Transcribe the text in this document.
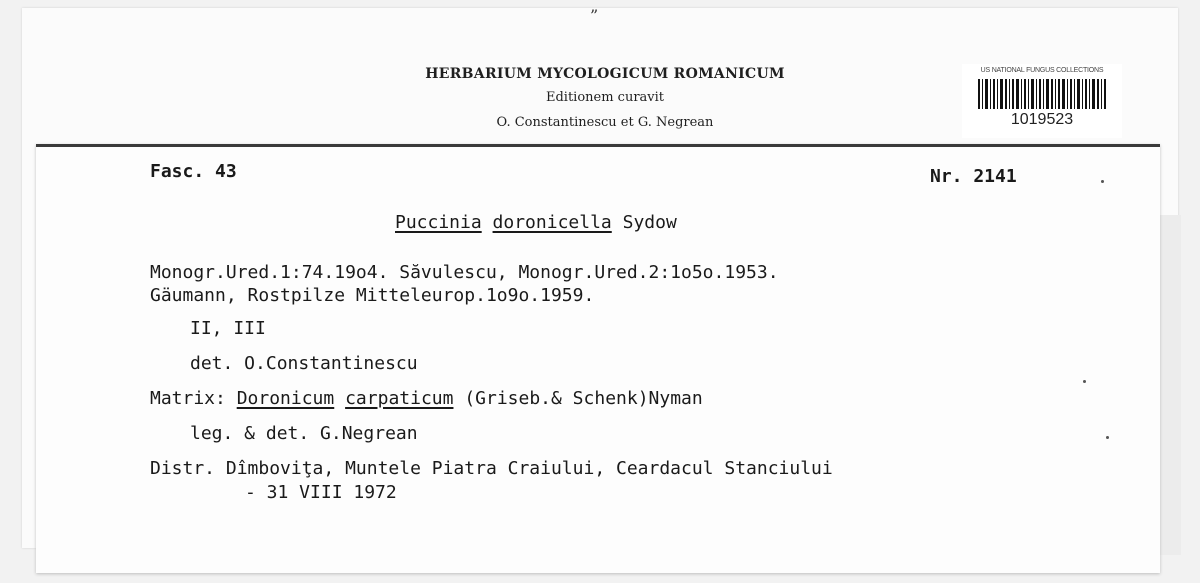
”
HERBARIUM MYCOLOGICUM ROMANICUM
Editionem curavit
O. Constantinescu et G. Negrean
US NATIONAL FUNGUS COLLECTIONS
1019523
Fasc. 43	Nr. 2141
Puccinia doronicella Sydow
Monogr.Ured.1:74.19o4. Săvulescu, Monogr.Ured.2:1o5o.1953.
Gäumann, Rostpilze Mitteleurop.1o9o.1959.
II, III
det. O.Constantinescu
Matrix: Doronicum carpaticum (Griseb.& Schenk)Nyman
leg. & det. G.Negrean
Distr. Dîmboviţa, Muntele Piatra Craiului, Ceardacul Stanciului
- 31 VIII 1972
